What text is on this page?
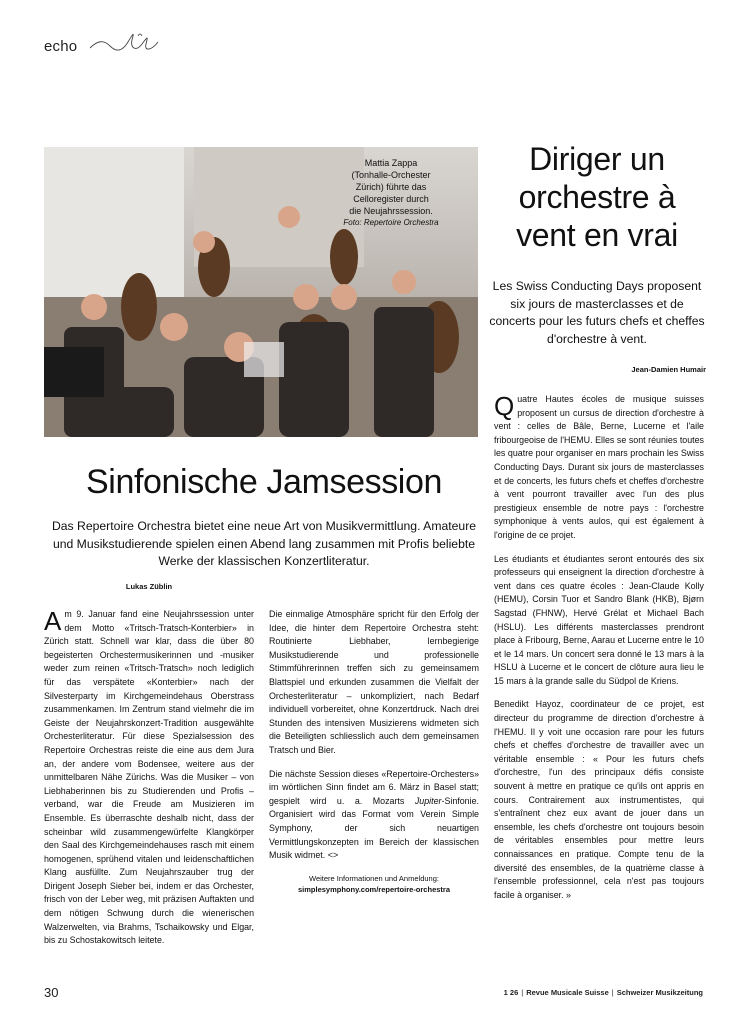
echo
Mattia Zappa
(Tonhalle-Orchester
Zürich) führte das
Celloregister durch
die Neujahrssession.
Foto: Repertoire Orchestra
Diriger un
orchestre à
vent en vrai
Les Swiss Conducting Days proposent six jours de masterclasses et de concerts pour les futurs chefs et cheffes d'orchestre à vent.
Jean-Damien Humair
Sinfonische Jamsession
Das Repertoire Orchestra bietet eine neue Art von Musikvermittlung. Amateure und Musikstudierende spielen einen Abend lang zusammen mit Profis beliebte Werke der klassischen Konzertliteratur.
Lukas Züblin

Am 9. Januar fand eine Neujahrssession unter dem Motto «Tritsch-Tratsch-Konterbier» in Zürich statt. Schnell war klar, dass die über 80 begeisterten Orchestermusikerinnen und -musiker weder zum reinen «Tritsch-Tratsch» noch lediglich für das verspätete «Konterbier» nach der Silvesterparty im Kirchgemeindehaus Oberstrass zusammenkamen. Im Zentrum stand vielmehr die im Geiste der Neujahrskonzert-Tradition ausgewählte Orchesterliteratur. Für diese Spezialsession des Repertoire Orchestras reiste die eine aus dem Jura an, der andere vom Bodensee, weitere aus der unmittelbaren Nähe Zürichs. Was die Musiker – von Liebhaberinnen bis zu Studierenden und Profis – verband, war die Freude am Musizieren im Ensemble. Es überraschte deshalb nicht, dass der scheinbar wild zusammengewürfelte Klangkörper den Saal des Kirchgemeindehauses rasch mit einem homogenen, sprühend vitalen und leidenschaftlichen Klang ausfüllte. Zum Neujahrszauber trug der Dirigent Joseph Sieber bei, indem er das Orchester, frisch von der Leber weg, mit präzisen Auftakten und dem nötigen Schwung durch die wienerischen Walzerwelten, via Brahms, Tschaikowsky und Elgar, bis zu Schostakowitsch leitete.

Die einmalige Atmosphäre spricht für den Erfolg der Idee, die hinter dem Repertoire Orchestra steht: Routinierte Liebhaber, lernbegierige Musikstudierende und professionelle Stimmführerinnen treffen sich zu gemeinsamem Blattspiel und erkunden zusammen die Vielfalt der Orchesterliteratur – unkompliziert, nach Bedarf individuell vorbereitet, ohne Konzertdruck. Nach drei Stunden des intensiven Musizierens widmeten sich die Beteiligten schliesslich auch dem gemeinsamen Tratsch und Bier.

Die nächste Session dieses «Repertoire-Orchesters» im wörtlichen Sinn findet am 6. März in Basel statt; gespielt wird u. a. Mozarts Jupiter-Sinfonie. Organisiert wird das Format vom Verein Simple Symphony, der sich neuartigen Vermittlungskonzepten im Bereich der klassischen Musik widmet. <>

Weitere Informationen und Anmeldung:
simplesymphony.com/repertoire-orchestra

Quatre Hautes écoles de musique suisses proposent un cursus de direction d'orchestre à vent : celles de Bâle, Berne, Lucerne et l'aile fribourgeoise de l'HEMU. Elles se sont réunies toutes les quatre pour organiser en mars prochain les Swiss Conducting Days. Durant six jours de masterclasses et de concerts, les futurs chefs et cheffes d'orchestre à vent pourront travailler avec l'un des plus prestigieux ensemble de notre pays : l'orchestre symphonique à vents aulos, qui est également à l'origine de ce projet.

Les étudiants et étudiantes seront entourés des six professeurs qui enseignent la direction d'orchestre à vent dans ces quatre écoles : Jean-Claude Kolly (HEMU), Corsin Tuor et Sandro Blank (HKB), Bjørn Sagstad (FHNW), Hervé Grélat et Michael Bach (HSLU). Les différents masterclasses prendront place à Fribourg, Berne, Aarau et Lucerne entre le 10 et le 14 mars. Un concert sera donné le 13 mars à la HSLU à Lucerne et le concert de clôture aura lieu le 15 mars à la grande salle du Südpol de Kriens.

Benedikt Hayoz, coordinateur de ce projet, est directeur du programme de direction d'orchestre à l'HEMU. Il y voit une occasion rare pour les futurs chefs et cheffes d'orchestre de travailler avec un véritable ensemble : « Pour les futurs chefs d'orchestre, l'un des principaux défis consiste souvent à mettre en pratique ce qu'ils ont appris en cours. Contrairement aux instrumentistes, qui s'entraînent chez eux avant de jouer dans un ensemble, les chefs d'orchestre ont toujours besoin de véritables ensembles pour mettre leurs connaissances en pratique. Compte tenu de la diversité des ensembles, de la quatrième classe à l'ensemble professionnel, cela n'est pas toujours facile à organiser. »

30	1 26 | Revue Musicale Suisse | Schweizer Musikzeitung
